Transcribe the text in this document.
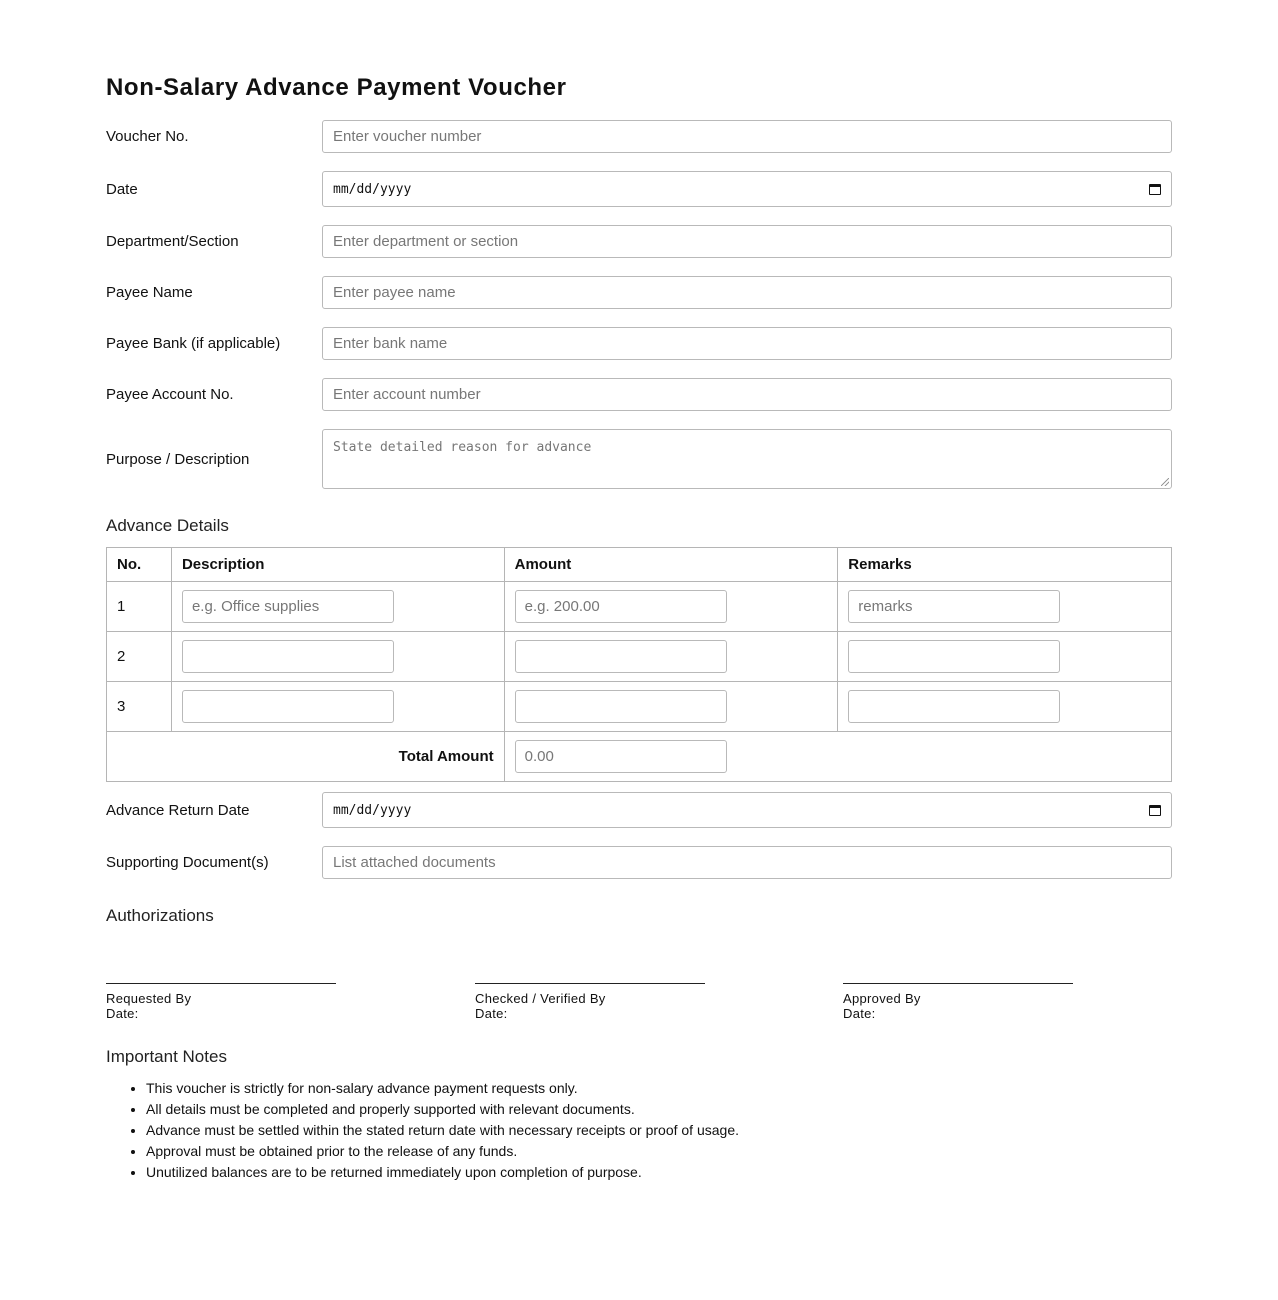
Non-Salary Advance Payment Voucher
Voucher No.	Enter voucher number
Date	mm/dd/yyyy
Department/Section	Enter department or section
Payee Name	Enter payee name
Payee Bank (if applicable)	Enter bank name
Payee Account No.	Enter account number
Purpose / Description
State detailed reason for advance
Advance Details
No.	Description	Amount	Remarks
1	e.g. Office supplies	e.g. 200.00	remarks

2	

3	

Total Amount		0.00	
Advance Return Date	mm/dd/yyyy
Supporting Document(s)	List attached documents
Authorizations
Requested By
Date:
Checked / Verified By
Date:
Approved By
Date:
Important Notes
• This voucher is strictly for non-salary advance payment requests only.
• All details must be completed and properly supported with relevant documents.
• Advance must be settled within the stated return date with necessary receipts or proof of usage.
• Approval must be obtained prior to the release of any funds.
• Unutilized balances are to be returned immediately upon completion of purpose.
